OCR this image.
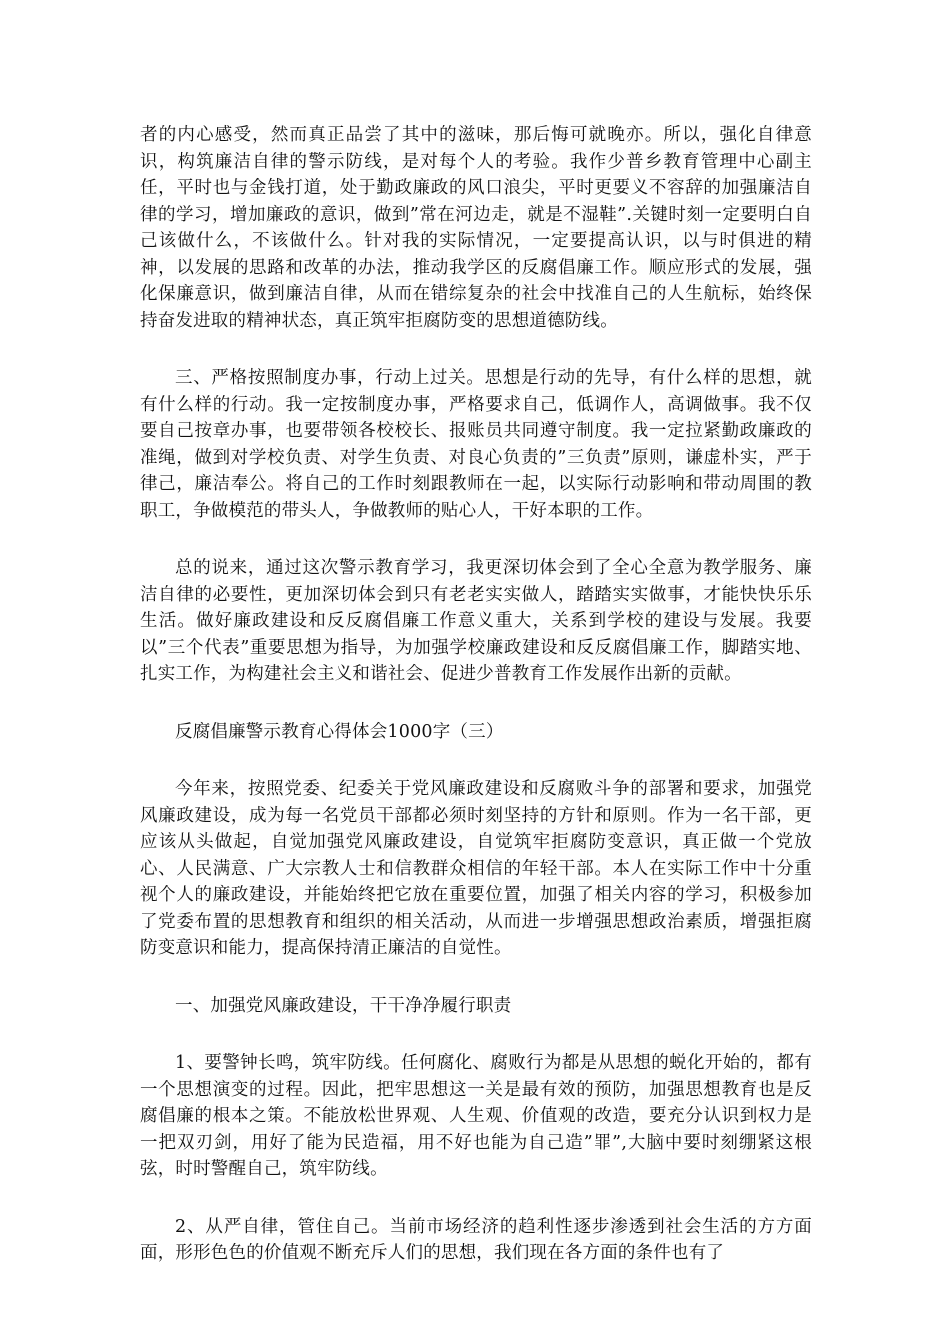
者的内心感受，然而真正品尝了其中的滋味，那后悔可就晚亦。所以，强化自律意识，构筑廉洁自律的警示防线，是对每个人的考验。我作少普乡教育管理中心副主任，平时也与金钱打道，处于勤政廉政的风口浪尖，平时更要义不容辞的加强廉洁自律的学习，增加廉政的意识，做到”常在河边走，就是不湿鞋”.关键时刻一定要明白自己该做什么，不该做什么。针对我的实际情况，一定要提高认识，以与时俱进的精神，以发展的思路和改革的办法，推动我学区的反腐倡廉工作。顺应形式的发展，强化保廉意识，做到廉洁自律，从而在错综复杂的社会中找准自己的人生航标，始终保持奋发进取的精神状态，真正筑牢拒腐防变的思想道德防线。

三、严格按照制度办事，行动上过关。思想是行动的先导，有什么样的思想，就有什么样的行动。我一定按制度办事，严格要求自己，低调作人，高调做事。我不仅要自己按章办事，也要带领各校校长、报账员共同遵守制度。我一定拉紧勤政廉政的准绳，做到对学校负责、对学生负责、对良心负责的”三负责”原则，谦虚朴实，严于律己，廉洁奉公。将自己的工作时刻跟教师在一起，以实际行动影响和带动周围的教职工，争做模范的带头人，争做教师的贴心人，干好本职的工作。

总的说来，通过这次警示教育学习，我更深切体会到了全心全意为教学服务、廉洁自律的必要性，更加深切体会到只有老老实实做人，踏踏实实做事，才能快快乐乐生活。做好廉政建设和反反腐倡廉工作意义重大，关系到学校的建设与发展。我要以”三个代表”重要思想为指导，为加强学校廉政建设和反反腐倡廉工作，脚踏实地、扎实工作，为构建社会主义和谐社会、促进少普教育工作发展作出新的贡献。

反腐倡廉警示教育心得体会1000字（三）

今年来，按照党委、纪委关于党风廉政建设和反腐败斗争的部署和要求，加强党风廉政建设，成为每一名党员干部都必须时刻坚持的方针和原则。作为一名干部，更应该从头做起，自觉加强党风廉政建设，自觉筑牢拒腐防变意识，真正做一个党放心、人民满意、广大宗教人士和信教群众相信的年轻干部。本人在实际工作中十分重视个人的廉政建设，并能始终把它放在重要位置，加强了相关内容的学习，积极参加了党委布置的思想教育和组织的相关活动，从而进一步增强思想政治素质，增强拒腐防变意识和能力，提高保持清正廉洁的自觉性。

一、加强党风廉政建设，干干净净履行职责

1、要警钟长鸣，筑牢防线。任何腐化、腐败行为都是从思想的蜕化开始的，都有一个思想演变的过程。因此，把牢思想这一关是最有效的预防，加强思想教育也是反腐倡廉的根本之策。不能放松世界观、人生观、价值观的改造，要充分认识到权力是一把双刃剑，用好了能为民造福，用不好也能为自己造”罪”,大脑中要时刻绷紧这根弦，时时警醒自己，筑牢防线。

2、从严自律，管住自己。当前市场经济的趋利性逐步渗透到社会生活的方方面面，形形色色的价值观不断充斥人们的思想，我们现在各方面的条件也有了
